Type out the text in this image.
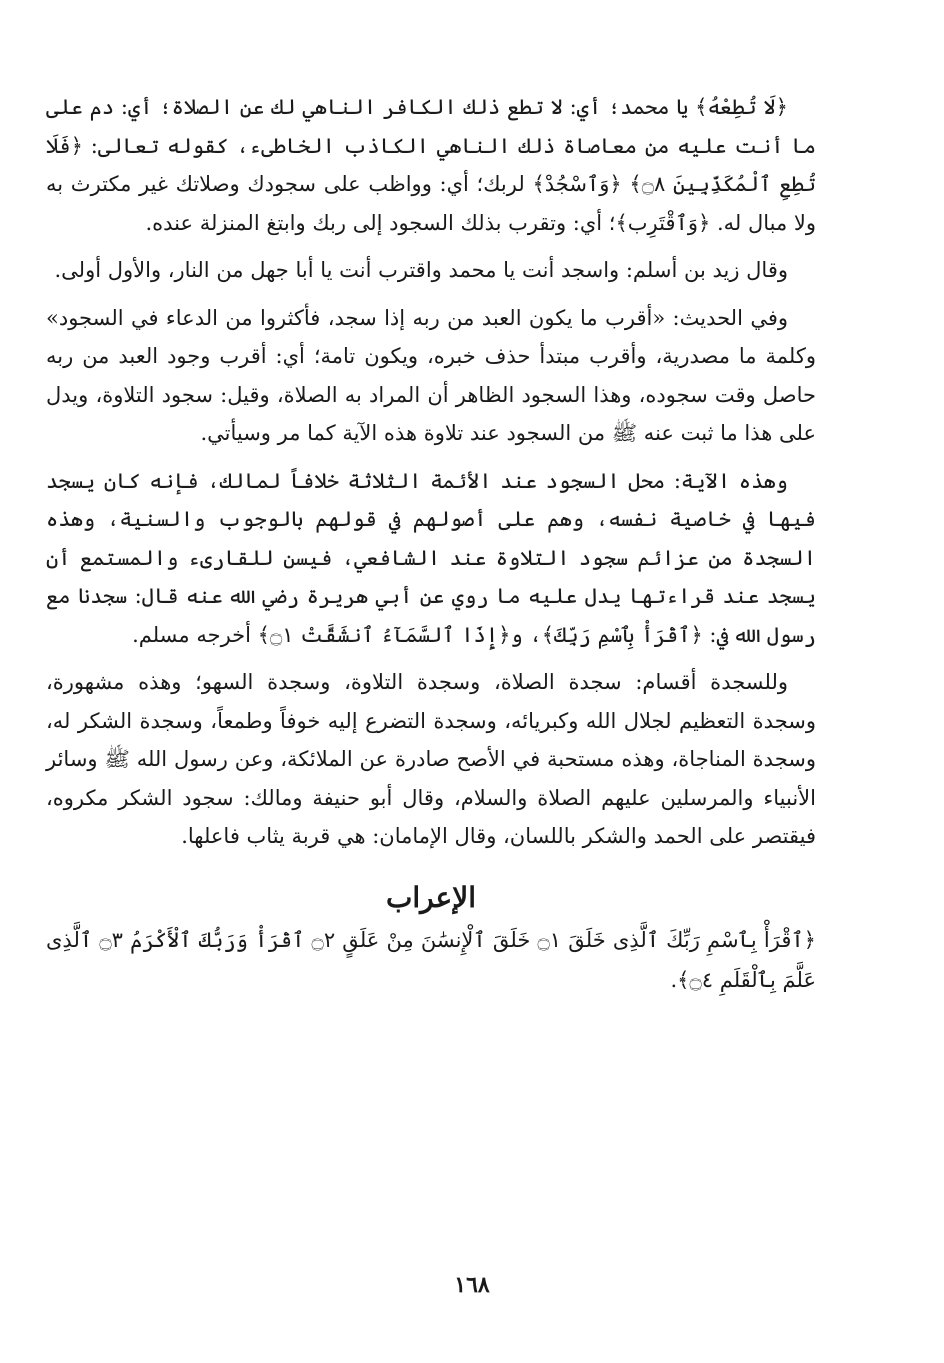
﴿لَا تُطِعْهُ﴾ يا محمد؛ أي: لا تطع ذلك الكافر الناهي لك عن الصلاة؛ أي: دم على ما أنت عليه من معاصاة ذلك الناهي الكاذب الخاطىء، كقوله تعالى: ﴿فَلَا تُطِعِ ٱلْمُكَذِّبِينَ ۝٨﴾ ﴿وَٱسْجُدْ﴾ لربك؛ أي: وواظب على سجودك وصلاتك غير مكترث به ولا مبال له. ﴿وَٱقْتَرِب﴾؛ أي: وتقرب بذلك السجود إلى ربك وابتغ المنزلة عنده.

وقال زيد بن أسلم: واسجد أنت يا محمد واقترب أنت يا أبا جهل من النار، والأول أولى.

وفي الحديث: «أقرب ما يكون العبد من ربه إذا سجد، فأكثروا من الدعاء في السجود» وكلمة ما مصدرية، وأقرب مبتدأ حذف خبره، ويكون تامة؛ أي: أقرب وجود العبد من ربه حاصل وقت سجوده، وهذا السجود الظاهر أن المراد به الصلاة، وقيل: سجود التلاوة، ويدل على هذا ما ثبت عنه ﷺ من السجود عند تلاوة هذه الآية كما مر وسيأتي.

وهذه الآية: محل السجود عند الأئمة الثلاثة خلافاً لمالك، فإنه كان يسجد فيها في خاصية نفسه، وهم على أصولهم في قولهم بالوجوب والسنية، وهذه السجدة من عزائم سجود التلاوة عند الشافعي، فيسن للقارىء والمستمع أن يسجد عند قراءتها يدل عليه ما روي عن أبي هريرة رضي الله عنه قال: سجدنا مع رسول الله في: ﴿ٱقْرَأْ بِٱسْمِ رَبِّكَ﴾، و﴿إِذَا ٱلسَّمَآءُ ٱنشَقَّتْ ۝١﴾ أخرجه مسلم.

وللسجدة أقسام: سجدة الصلاة، وسجدة التلاوة، وسجدة السهو؛ وهذه مشهورة، وسجدة التعظيم لجلال الله وكبريائه، وسجدة التضرع إليه خوفاً وطمعاً، وسجدة الشكر له، وسجدة المناجاة، وهذه مستحبة في الأصح صادرة عن الملائكة، وعن رسول الله ﷺ وسائر الأنبياء والمرسلين عليهم الصلاة والسلام، وقال أبو حنيفة ومالك: سجود الشكر مكروه، فيقتصر على الحمد والشكر باللسان، وقال الإمامان: هي قربة يثاب فاعلها.

الإعراب

﴿ٱقْرَأْ بِٱسْمِ رَبِّكَ ٱلَّذِى خَلَقَ ۝١ خَلَقَ ٱلْإِنسَٰنَ مِنْ عَلَقٍ ۝٢ ٱقْرَأْ وَرَبُّكَ ٱلْأَكْرَمُ ۝٣ ٱلَّذِى عَلَّمَ بِٱلْقَلَمِ ۝٤﴾.

١٦٨
